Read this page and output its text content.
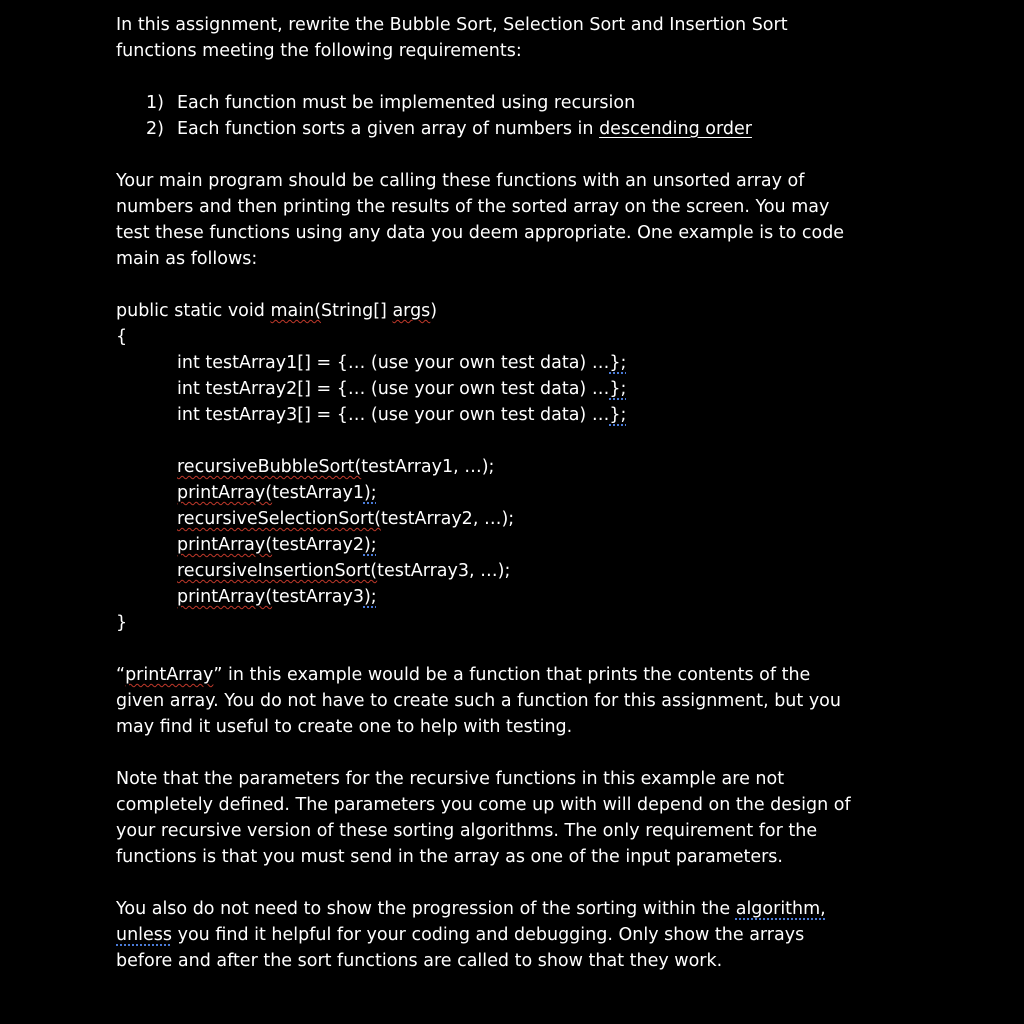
In this assignment, rewrite the Bubble Sort, Selection Sort and Insertion Sort

functions meeting the following requirements:

1) Each function must be implemented using recursion
2) Each function sorts a given array of numbers in descending order

Your main program should be calling these functions with an unsorted array of

numbers and then printing the results of the sorted array on the screen. You may

test these functions using any data you deem appropriate. One example is to code

main as follows:

public static void main(String[] args)
{
int testArray1[] = {… (use your own test data) …};
int testArray2[] = {… (use your own test data) …};
int testArray3[] = {… (use your own test data) …};
recursiveBubbleSort(testArray1, …);
printArray(testArray1);
recursiveSelectionSort(testArray2, …);
printArray(testArray2);
recursiveInsertionSort(testArray3, …);
printArray(testArray3);
}

“printArray” in this example would be a function that prints the contents of the

given array. You do not have to create such a function for this assignment, but you

may find it useful to create one to help with testing.

Note that the parameters for the recursive functions in this example are not

completely defined. The parameters you come up with will depend on the design of

your recursive version of these sorting algorithms. The only requirement for the

functions is that you must send in the array as one of the input parameters.

You also do not need to show the progression of the sorting within the algorithm,

unless you find it helpful for your coding and debugging. Only show the arrays

before and after the sort functions are called to show that they work.
